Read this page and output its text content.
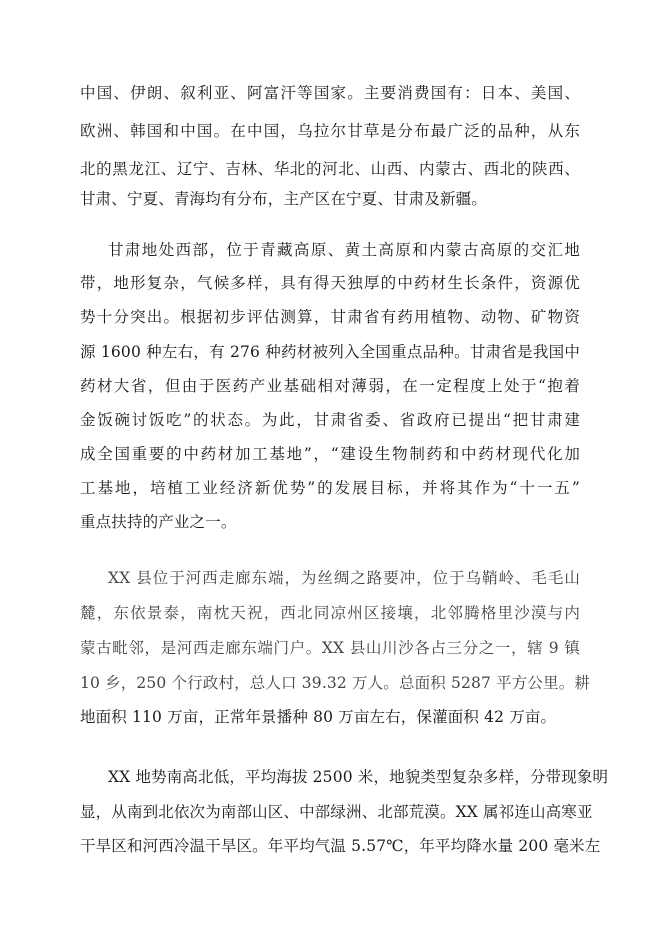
中国、伊朗、叙利亚、阿富汗等国家。主要消费国有：日本、美国、
欧洲、韩国和中国。在中国，乌拉尔甘草是分布最广泛的品种，从东
北的黑龙江、辽宁、吉林、华北的河北、山西、内蒙古、西北的陕西、
甘肃、宁夏、青海均有分布，主产区在宁夏、甘肃及新疆。
甘肃地处西部，位于青藏高原、黄土高原和内蒙古高原的交汇地
带，地形复杂，气候多样，具有得天独厚的中药材生长条件，资源优
势十分突出。根据初步评估测算，甘肃省有药用植物、动物、矿物资
源 1600 种左右，有 276 种药材被列入全国重点品种。甘肃省是我国中
药材大省，但由于医药产业基础相对薄弱，在一定程度上处于“抱着
金饭碗讨饭吃”的状态。为此，甘肃省委、省政府已提出“把甘肃建
成全国重要的中药材加工基地”，“建设生物制药和中药材现代化加
工基地，培植工业经济新优势”的发展目标，并将其作为“十一五”
重点扶持的产业之一。
XX 县位于河西走廊东端，为丝绸之路要冲，位于乌鞘岭、毛毛山
麓，东依景泰，南枕天祝，西北同凉州区接壤，北邻腾格里沙漠与内
蒙古毗邻，是河西走廊东端门户。XX 县山川沙各占三分之一，辖 9 镇
10 乡，250 个行政村，总人口 39.32 万人。总面积 5287 平方公里。耕
地面积 110 万亩，正常年景播种 80 万亩左右，保灌面积 42 万亩。
XX 地势南高北低，平均海拔 2500 米，地貌类型复杂多样，分带现象明
显，从南到北依次为南部山区、中部绿洲、北部荒漠。XX 属祁连山高寒亚
干旱区和河西冷温干旱区。年平均气温 5.57℃，年平均降水量 200 毫米左
